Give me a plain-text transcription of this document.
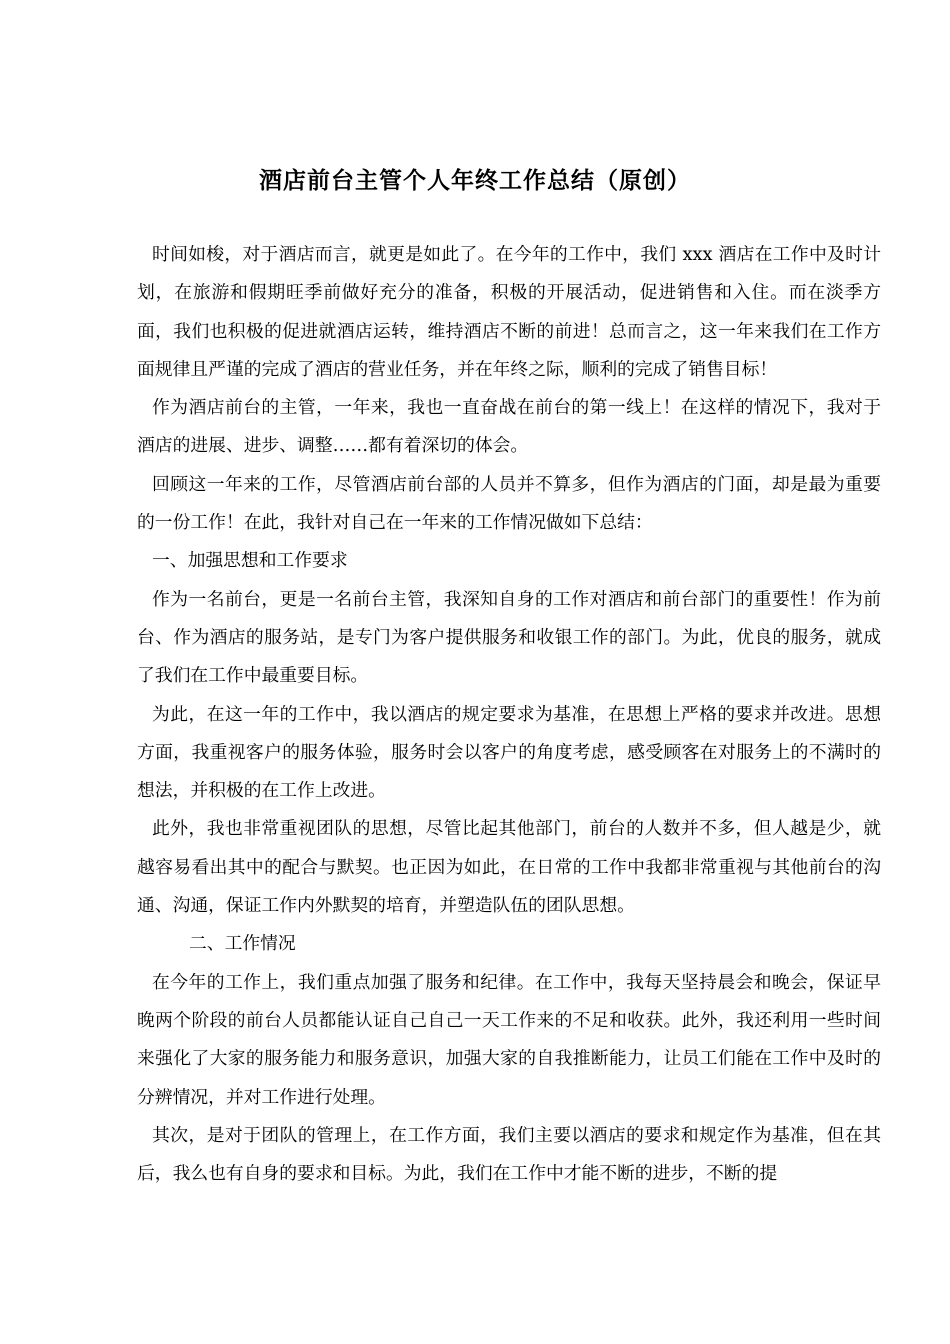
酒店前台主管个人年终工作总结（原创）

时间如梭，对于酒店而言，就更是如此了。在今年的工作中，我们 xxx 酒店在工作中及时计划，在旅游和假期旺季前做好充分的准备，积极的开展活动，促进销售和入住。而在淡季方面，我们也积极的促进就酒店运转，维持酒店不断的前进！总而言之，这一年来我们在工作方面规律且严谨的完成了酒店的营业任务，并在年终之际，顺利的完成了销售目标！

作为酒店前台的主管，一年来，我也一直奋战在前台的第一线上！在这样的情况下，我对于酒店的进展、进步、调整……都有着深切的体会。

回顾这一年来的工作，尽管酒店前台部的人员并不算多，但作为酒店的门面，却是最为重要的一份工作！在此，我针对自己在一年来的工作情况做如下总结：

一、加强思想和工作要求

作为一名前台，更是一名前台主管，我深知自身的工作对酒店和前台部门的重要性！作为前台、作为酒店的服务站，是专门为客户提供服务和收银工作的部门。为此，优良的服务，就成了我们在工作中最重要目标。

为此，在这一年的工作中，我以酒店的规定要求为基准，在思想上严格的要求并改进。思想方面，我重视客户的服务体验，服务时会以客户的角度考虑，感受顾客在对服务上的不满时的想法，并积极的在工作上改进。

此外，我也非常重视团队的思想，尽管比起其他部门，前台的人数并不多，但人越是少，就越容易看出其中的配合与默契。也正因为如此，在日常的工作中我都非常重视与其他前台的沟通、沟通，保证工作内外默契的培育，并塑造队伍的团队思想。

二、工作情况

在今年的工作上，我们重点加强了服务和纪律。在工作中，我每天坚持晨会和晚会，保证早晚两个阶段的前台人员都能认证自己自己一天工作来的不足和收获。此外，我还利用一些时间来强化了大家的服务能力和服务意识，加强大家的自我推断能力，让员工们能在工作中及时的分辨情况，并对工作进行处理。

其次，是对于团队的管理上，在工作方面，我们主要以酒店的要求和规定作为基准，但在其后，我么也有自身的要求和目标。为此，我们在工作中才能不断的进步，不断的提
